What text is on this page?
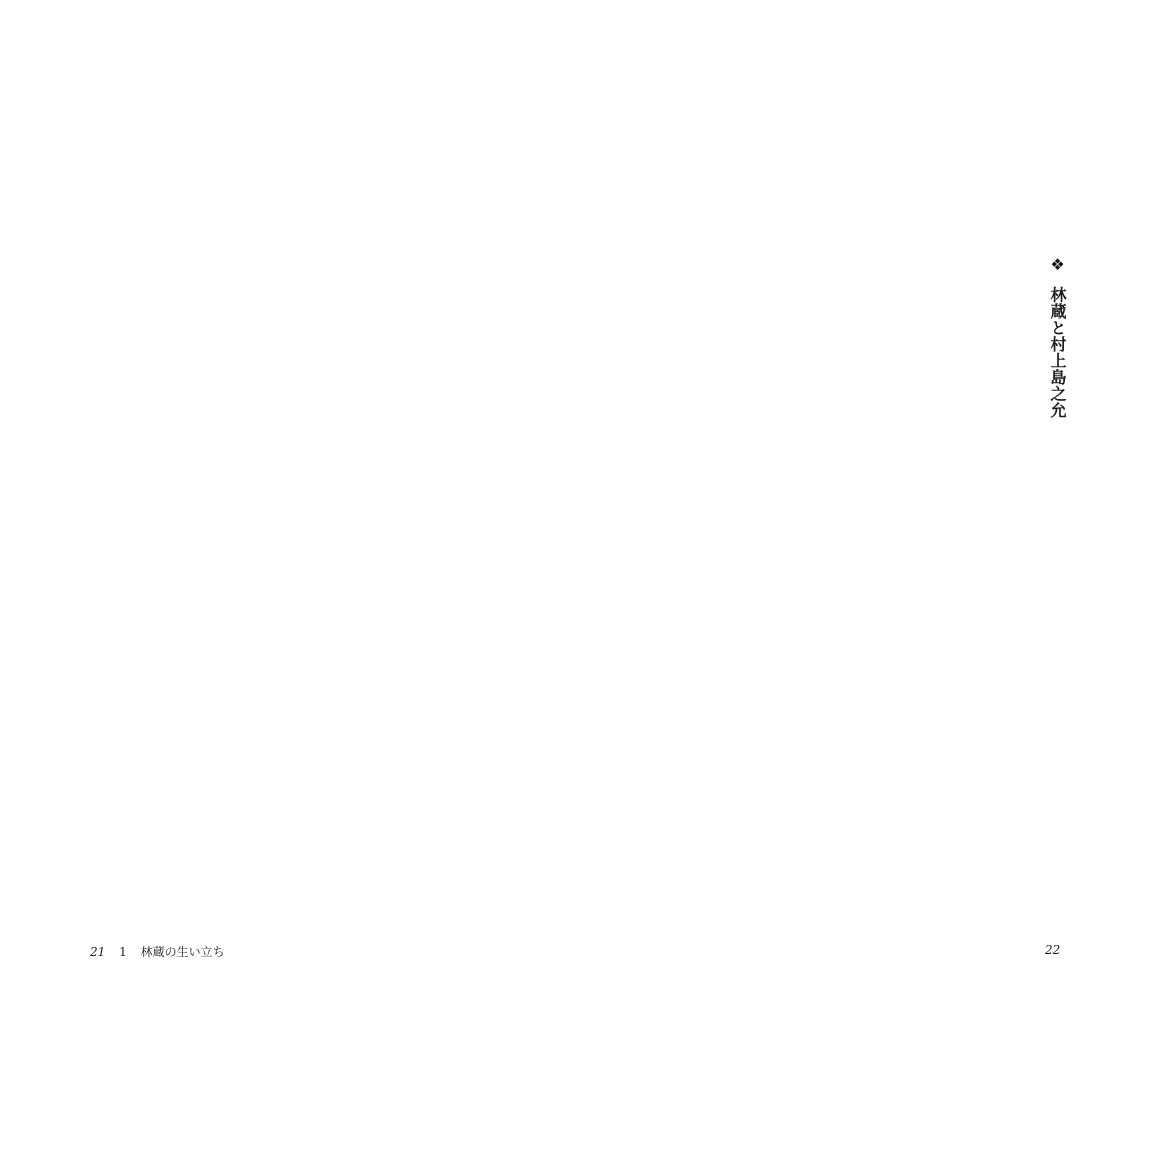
❖ 林蔵と村上島之允
21 1 林蔵の生い立ち	22
